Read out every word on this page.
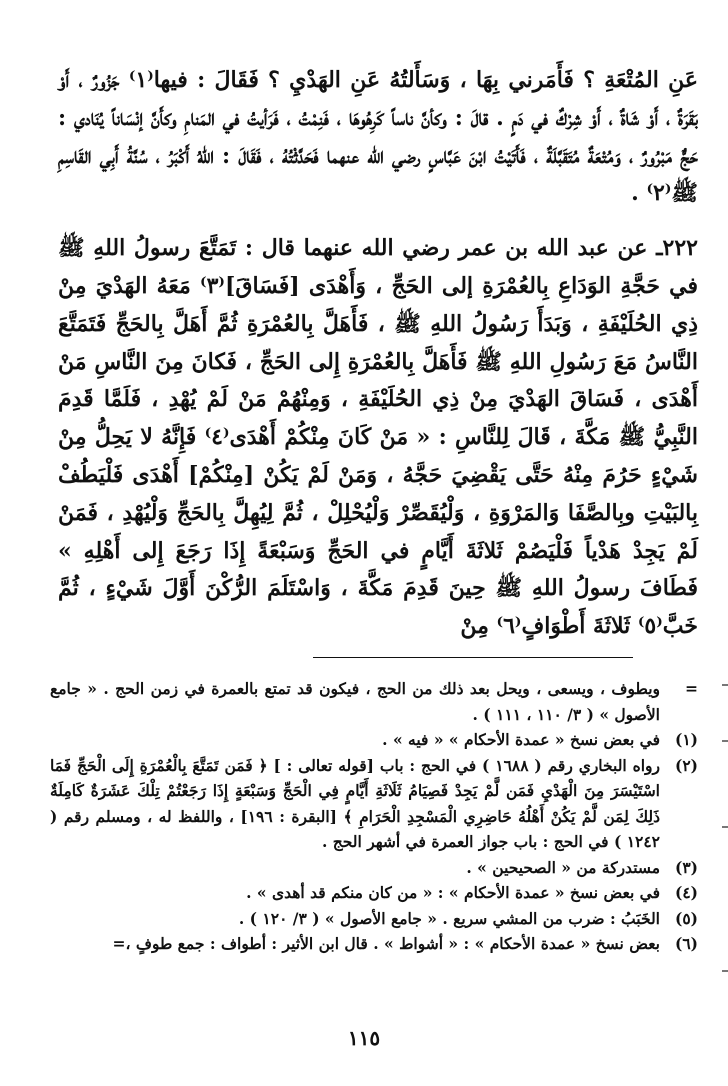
عَنِ المُتْعَةِ ؟ فَأَمَرني بِهَا ، وَسَأَلتُهُ عَنِ الهَدْيِ ؟ فَقَالَ : فيها⁽١⁾ جَزُورٌ ، أَوْ بَقَرَةٌ ، أَوْ شَاةٌ ، أَوْ شِرْكٌ في دَمٍ . قالَ : وكأنَّ ناساً كَرِهُوهَا ، فَنِمْتُ ، فَرَأيتُ في المَنامِ وكأَنَّ إنْسَاناً يُنَادي : حَجٌّ مَبْرُورٌ ، وَمُتْعَةٌ مُتَقَبَّلَةٌ ، فَأَتَيْتُ ابْنَ عَبَّاسٍ رضي الله عنهما فَحَدَّثْتُهُ ، فَقَالَ : اللهُ أَكْبَرُ ، سُنَّةُ أَبِي القَاسِمِ ﷺ⁽٢⁾ .

٢٢٢ـ عن عبد الله بن عمر رضي الله عنهما قال : تَمَتَّعَ رسولُ اللهِ ﷺ في حَجَّةِ الوَدَاعِ بِالعُمْرَةِ إلى الحَجِّ ، وَأَهْدَى [فَسَاقَ]⁽٣⁾ مَعَهُ الهَدْيَ مِنْ ذِي الحُلَيْفَةِ ، وَبَدَأَ رَسُولُ اللهِ ﷺ ، فَأَهَلَّ بِالعُمْرَةِ ثُمَّ أَهَلَّ بِالحَجِّ فَتَمَتَّعَ النَّاسُ مَعَ رَسُولِ اللهِ ﷺ فَأَهَلَّ بِالعُمْرَةِ إِلى الحَجِّ ، فَكانَ مِنَ النَّاسِ مَنْ أَهْدَى ، فَسَاقَ الهَدْيَ مِنْ ذِي الحُلَيْفَةِ ، وَمِنْهُمْ مَنْ لَمْ يُهْدِ ، فَلَمَّا قَدِمَ النَّبِيُّ ﷺ مَكَّةَ ، قَالَ لِلنَّاسِ : « مَنْ كَانَ مِنْكُمْ أَهْدَى⁽٤⁾ فَإِنَّهُ لا يَحِلُّ مِنْ شَيْءٍ حَرُمَ مِنْهُ حَتَّى يَقْضِيَ حَجَّهُ ، وَمَنْ لَمْ يَكُنْ [مِنْكُمْ] أَهْدَى فَلْيَطُفْ بِالبَيْتِ وبِالصَّفَا وَالمَرْوَةِ ، وَلْيُقَصِّرْ وَلْيُحْلِلْ ، ثُمَّ لِيُهِلَّ بِالحَجِّ وَلْيُهْدِ ، فَمَنْ لَمْ يَجِدْ هَدْياً فَلْيَصُمْ ثَلاثَةَ أَيَّامٍ في الحَجِّ وَسَبْعَةً إِذَا رَجَعَ إِلى أَهْلِهِ » فَطَافَ رسولُ اللهِ ﷺ حِينَ قَدِمَ مَكَّةَ ، وَاسْتَلَمَ الرُّكْنَ أَوَّلَ شَيْءٍ ، ثُمَّ خَبَّ⁽٥⁾ ثَلاثَةَ أَطْوَافٍ⁽٦⁾ مِنْ

=
ويطوف ، ويسعى ، ويحل بعد ذلك من الحج ، فيكون قد تمتع بالعمرة في زمن الحج . « جامع الأصول » ( ٣/ ١١٠ ، ١١١ ) .
(١)
في بعض نسخ « عمدة الأحكام » « فيه » .
(٢)
رواه البخاري رقم ( ١٦٨٨ ) في الحج : باب [قوله تعالى : ] ﴿ فَمَن تَمَتَّعَ بِالْعُمْرَةِ إِلَى الْحَجِّ فَمَا اسْتَيْسَرَ مِنَ الْهَدْيِ فَمَن لَّمْ يَجِدْ فَصِيَامُ ثَلَاثَةِ أَيَّامٍ فِي الْحَجِّ وَسَبْعَةٍ إِذَا رَجَعْتُمْ تِلْكَ عَشَرَةٌ كَامِلَةٌ ذَلِكَ لِمَن لَّمْ يَكُنْ أَهْلُهُ حَاضِرِي الْمَسْجِدِ الْحَرَامِ ﴾ [البقرة : ١٩٦] ، واللفظ له ، ومسلم رقم ( ١٢٤٢ ) في الحج : باب جواز العمرة في أشهر الحج .
(٣)
مستدركة من « الصحيحين » .
(٤)
في بعض نسخ « عمدة الأحكام » : « من كان منكم قد أهدى » .
(٥)
الخَبَبُ : ضرب من المشي سريع . « جامع الأصول » ( ٣/ ١٢٠ ) .
(٦)
بعض نسخ « عمدة الأحكام » : « أشواط » . قال ابن الأثير : أطواف : جمع طوفٍ ،=
١١٥
